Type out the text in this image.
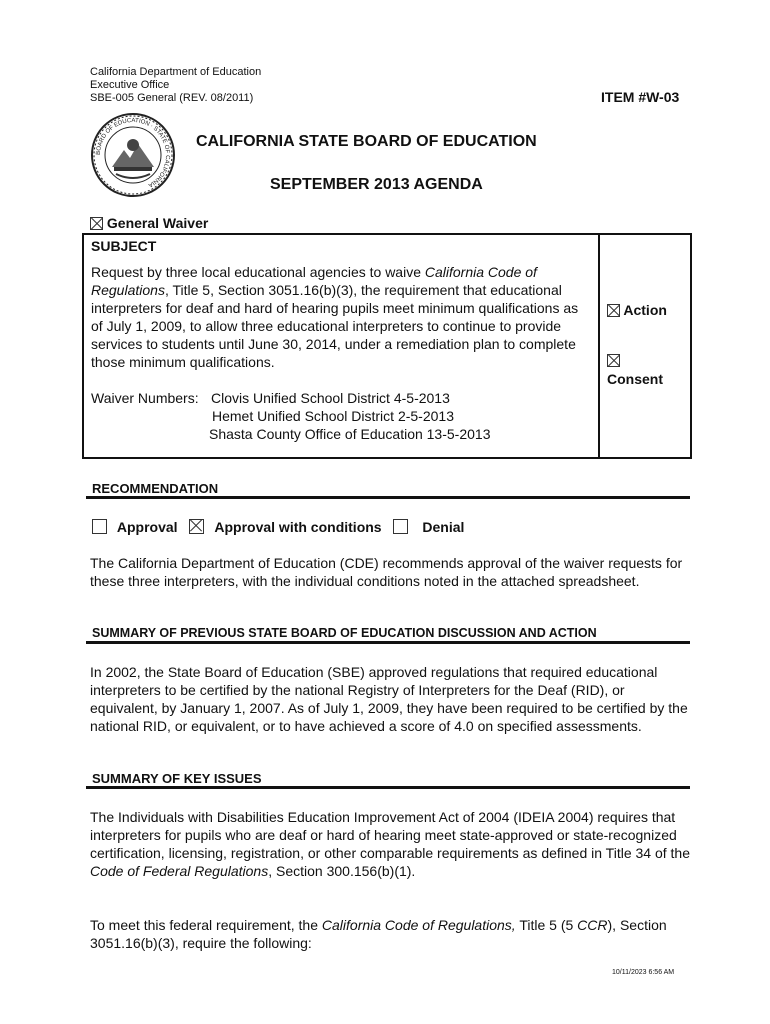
California Department of Education
Executive Office
SBE-005 General (REV. 08/2011)	ITEM #W-03
BOARD OF EDUCATION · STATE OF CALIFORNIA
CALIFORNIA STATE BOARD OF EDUCATION
SEPTEMBER 2013 AGENDA
General Waiver
SUBJECT
Request by three local educational agencies to waive California Code of Regulations, Title 5, Section 3051.16(b)(3), the requirement that educational interpreters for deaf and hard of hearing pupils meet minimum qualifications as of July 1, 2009, to allow three educational interpreters to continue to provide services to students until June 30, 2014, under a remediation plan to complete those minimum qualifications.
Waiver Numbers: Clovis Unified School District 4-5-2013
Hemet Unified School District 2-5-2013
Shasta County Office of Education 13-5-2013
Action
Consent
RECOMMENDATION
Approval	Approval with conditions	Denial
The California Department of Education (CDE) recommends approval of the waiver requests for these three interpreters, with the individual conditions noted in the attached spreadsheet.
SUMMARY OF PREVIOUS STATE BOARD OF EDUCATION DISCUSSION AND ACTION
In 2002, the State Board of Education (SBE) approved regulations that required educational interpreters to be certified by the national Registry of Interpreters for the Deaf (RID), or equivalent, by January 1, 2007. As of July 1, 2009, they have been required to be certified by the national RID, or equivalent, or to have achieved a score of 4.0 on specified assessments.
SUMMARY OF KEY ISSUES
The Individuals with Disabilities Education Improvement Act of 2004 (IDEIA 2004) requires that interpreters for pupils who are deaf or hard of hearing meet state-approved or state-recognized certification, licensing, registration, or other comparable requirements as defined in Title 34 of the Code of Federal Regulations, Section 300.156(b)(1).
To meet this federal requirement, the California Code of Regulations, Title 5 (5 CCR), Section 3051.16(b)(3), require the following:
10/11/2023 6:56 AM
